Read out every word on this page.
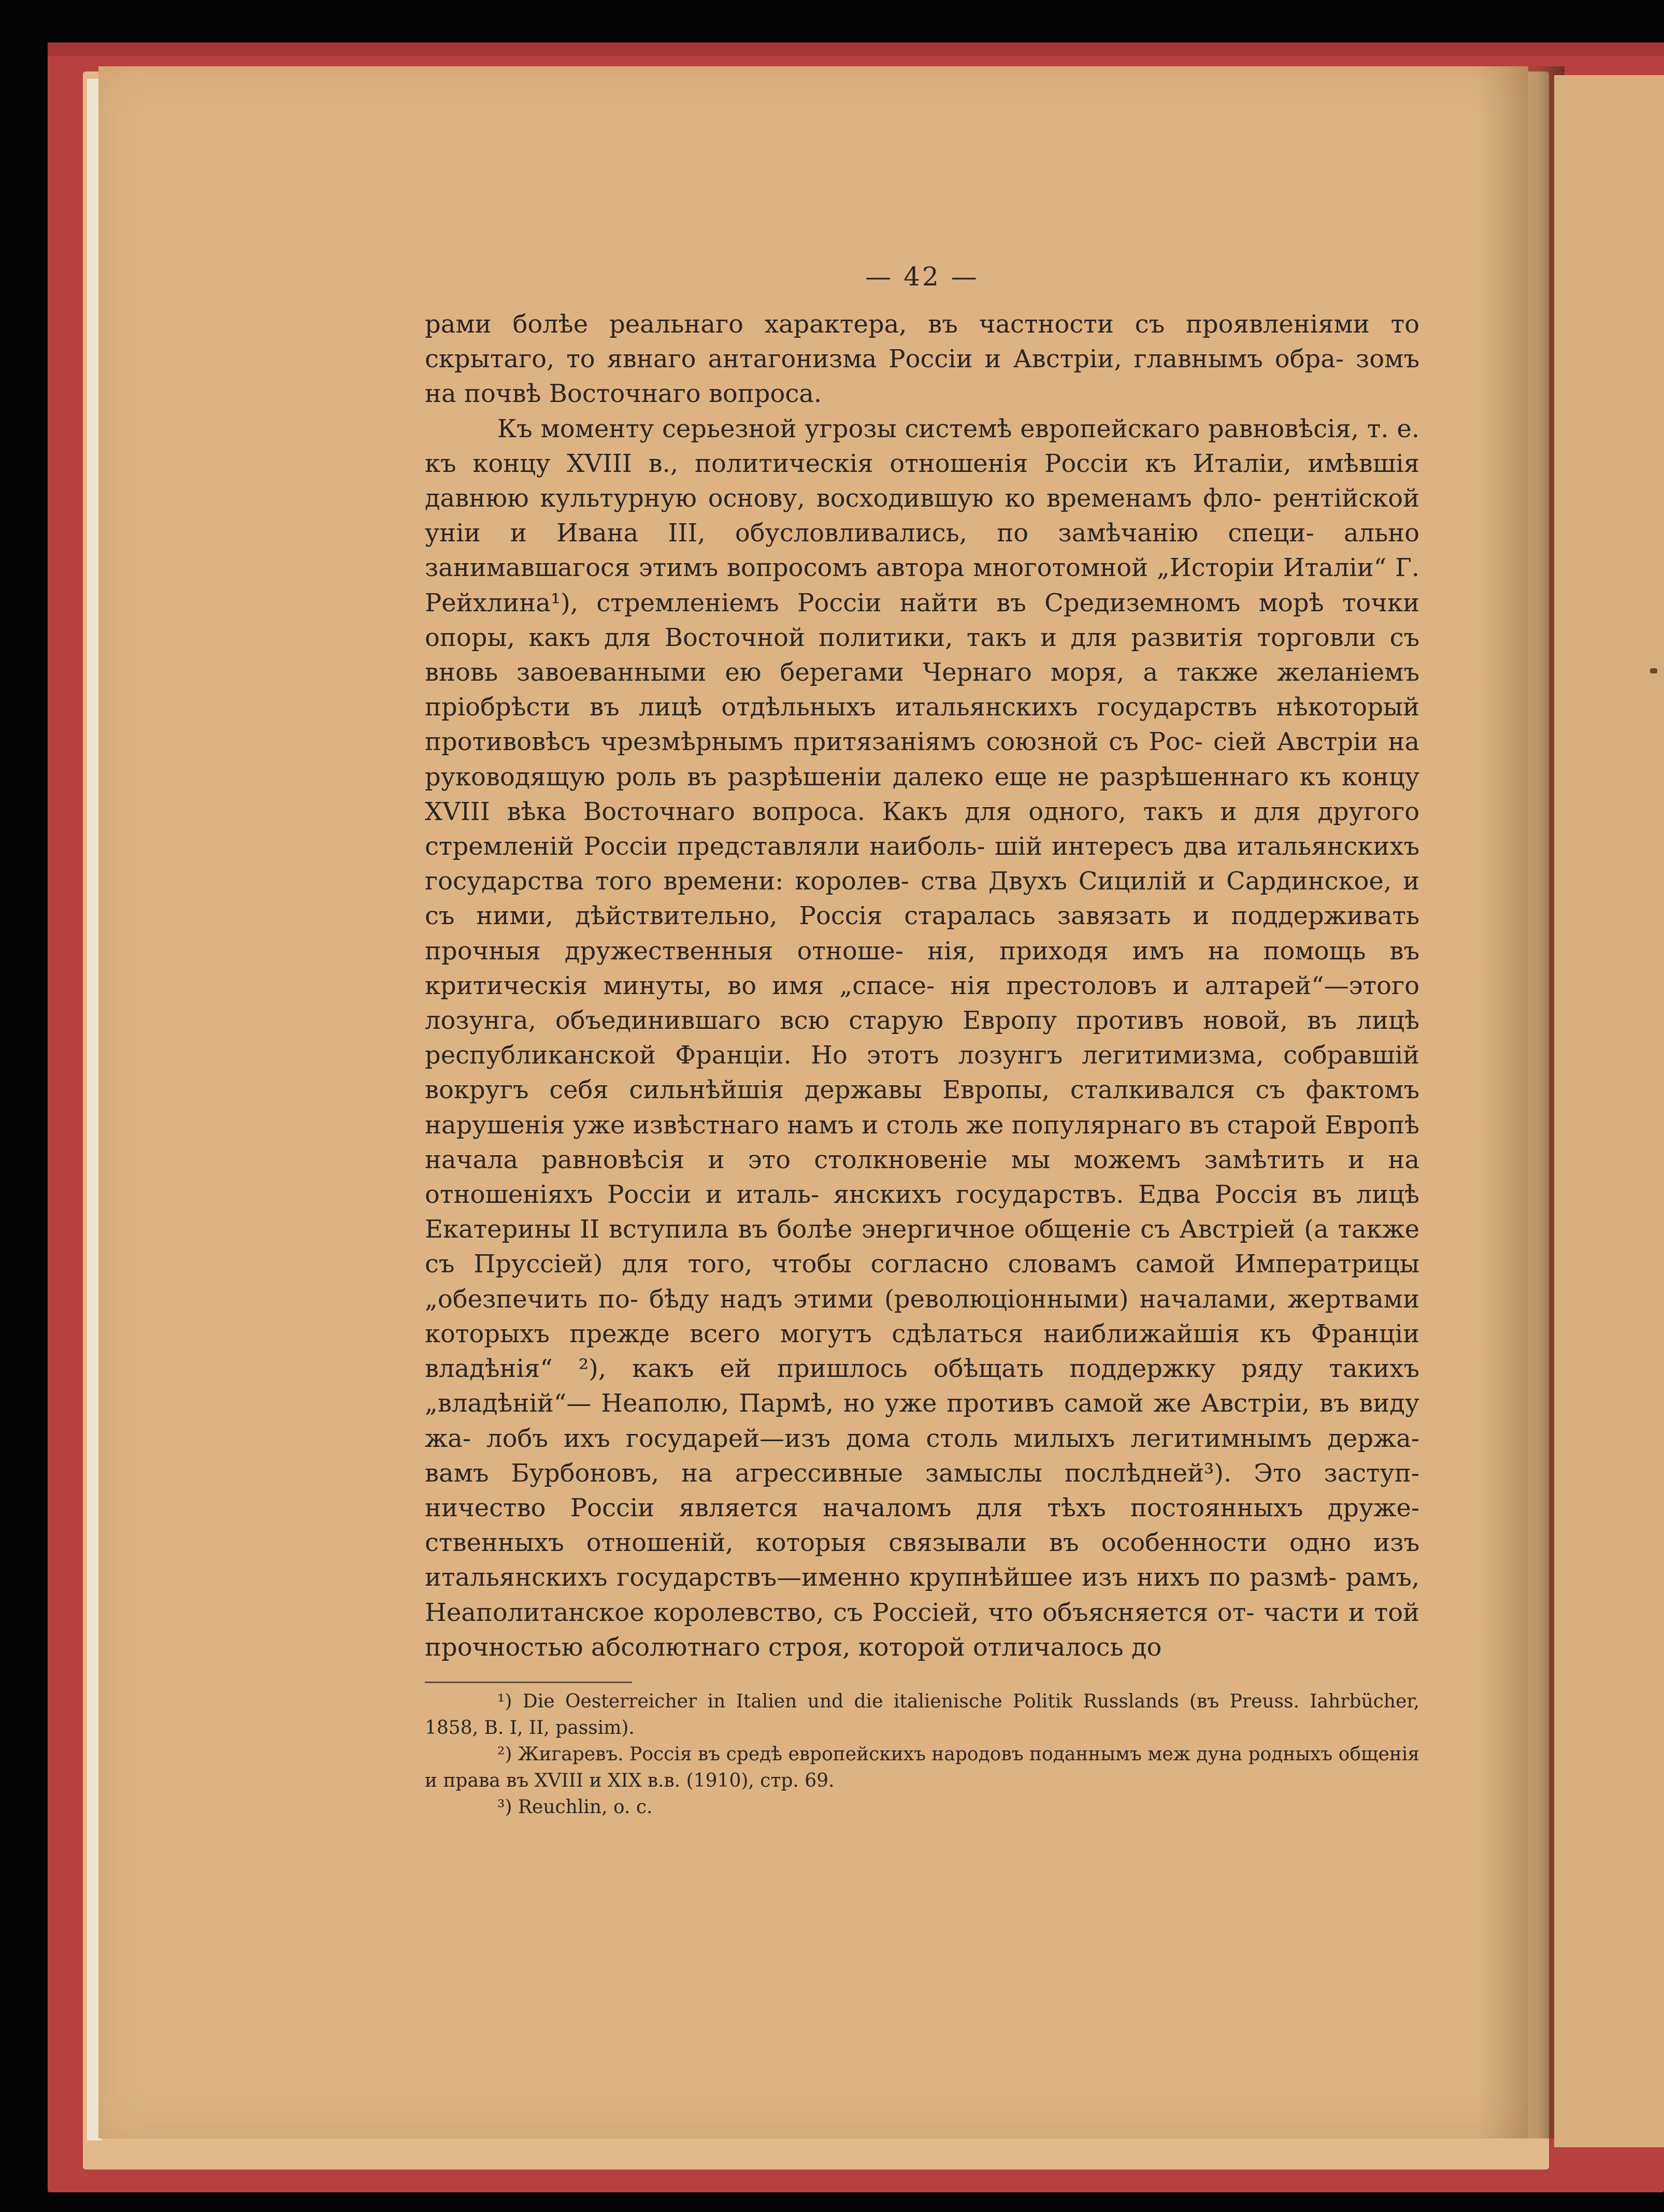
— 42 —

рами болѣе реальнаго характера, въ частности съ проявленіями то скрытаго, то явнаго антагонизма Россіи и Австріи, главнымъ обра- зомъ на почвѣ Восточнаго вопроса.

Къ моменту серьезной угрозы системѣ европейскаго равновѣсія, т. е. къ концу XVIII в., политическія отношенія Россіи къ Италіи, имѣвшія давнюю культурную основу, восходившую ко временамъ фло- рентійской уніи и Ивана III, обусловливались, по замѣчанію специ- ально занимавшагося этимъ вопросомъ автора многотомной „Исторіи Италіи“ Г. Рейхлина¹), стремленіемъ Россіи найти въ Средиземномъ морѣ точки опоры, какъ для Восточной политики, такъ и для развитія торговли съ вновь завоеванными ею берегами Чернаго моря, а также желаніемъ пріобрѣсти въ лицѣ отдѣльныхъ итальянскихъ государствъ нѣкоторый противовѣсъ чрезмѣрнымъ притязаніямъ союзной съ Рос- сіей Австріи на руководящую роль въ разрѣшеніи далеко еще не разрѣшеннаго къ концу XVIII вѣка Восточнаго вопроса. Какъ для одного, такъ и для другого стремленій Россіи представляли наиболь- шій интересъ два итальянскихъ государства того времени: королев- ства Двухъ Сицилій и Сардинское, и съ ними, дѣйствительно, Россія старалась завязать и поддерживать прочныя дружественныя отноше- нія, приходя имъ на помощь въ критическія минуты, во имя „спасе- нія престоловъ и алтарей“—этого лозунга, объединившаго всю старую Европу противъ новой, въ лицѣ республиканской Франціи. Но этотъ лозунгъ легитимизма, собравшій вокругъ себя сильнѣйшія державы Европы, сталкивался съ фактомъ нарушенія уже извѣстнаго намъ и столь же популярнаго въ старой Европѣ начала равновѣсія и это столкновеніе мы можемъ замѣтить и на отношеніяхъ Россіи и италь- янскихъ государствъ. Едва Россія въ лицѣ Екатерины II вступила въ болѣе энергичное общеніе съ Австріей (а также съ Пруссіей) для того, чтобы согласно словамъ самой Императрицы „обезпечить по- бѣду надъ этими (революціонными) началами, жертвами которыхъ прежде всего могутъ сдѣлаться наиближайшія къ Франціи владѣнія“ ²), какъ ей пришлось обѣщать поддержку ряду такихъ „владѣній“— Неаполю, Пармѣ, но уже противъ самой же Австріи, въ виду жа- лобъ ихъ государей—изъ дома столь милыхъ легитимнымъ держа- вамъ Бурбоновъ, на агрессивные замыслы послѣдней³). Это заступ- ничество Россіи является началомъ для тѣхъ постоянныхъ друже- ственныхъ отношеній, которыя связывали въ особенности одно изъ итальянскихъ государствъ—именно крупнѣйшее изъ нихъ по размѣ- рамъ, Неаполитанское королевство, съ Россіей, что объясняется от- части и той прочностью абсолютнаго строя, которой отличалось до

¹) Die Oesterreicher in Italien und die italienische Politik Russlands (въ Preuss. Iahrbücher, 1858, B. I, II, passim).

²) Жигаревъ. Россія въ средѣ европейскихъ народовъ поданнымъ меж дуна родныхъ общенія и права въ XVIII и XIX в.в. (1910), стр. 69.

³) Reuchlin, o. c.
